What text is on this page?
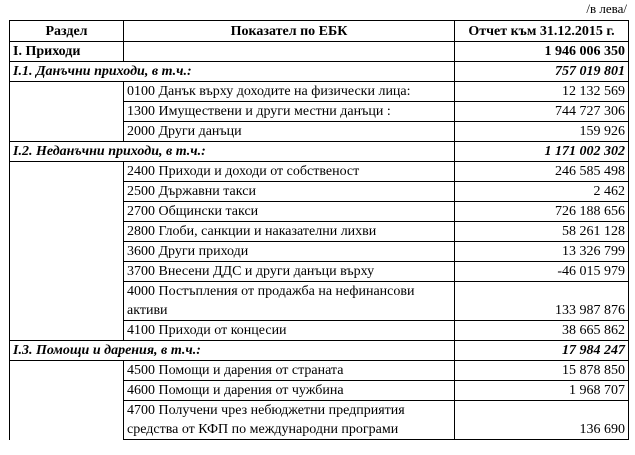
/в лева/
Раздел	Показател по ЕБК	Отчет към 31.12.2015 г.
I. Приходи		1 946 006 350
I.1. Данъчни приходи, в т.ч.:		757 019 801
	0100 Данък върху доходите на физически лица:	12 132 569
	1300 Имуществени и други местни данъци :	744 727 306
	2000 Други данъци	159 926
I.2. Неданъчни приходи, в т.ч.:		1 171 002 302
	2400 Приходи и доходи от собственост	246 585 498
	2500 Държавни такси	2 462
	2700 Общински такси	726 188 656
	2800 Глоби, санкции и наказателни лихви	58 261 128
	3600 Други приходи	13 326 799
	3700 Внесени ДДС и други данъци върху	-46 015 979
	4000 Постъпления от продажба на нефинансови активи	133 987 876
	4100 Приходи от концесии	38 665 862
I.3. Помощи и дарения, в т.ч.:		17 984 247
	4500 Помощи и дарения от страната	15 878 850
	4600 Помощи и дарения от чужбина	1 968 707
	4700 Получени чрез небюджетни предприятия средства от КФП по международни програми	136 690
